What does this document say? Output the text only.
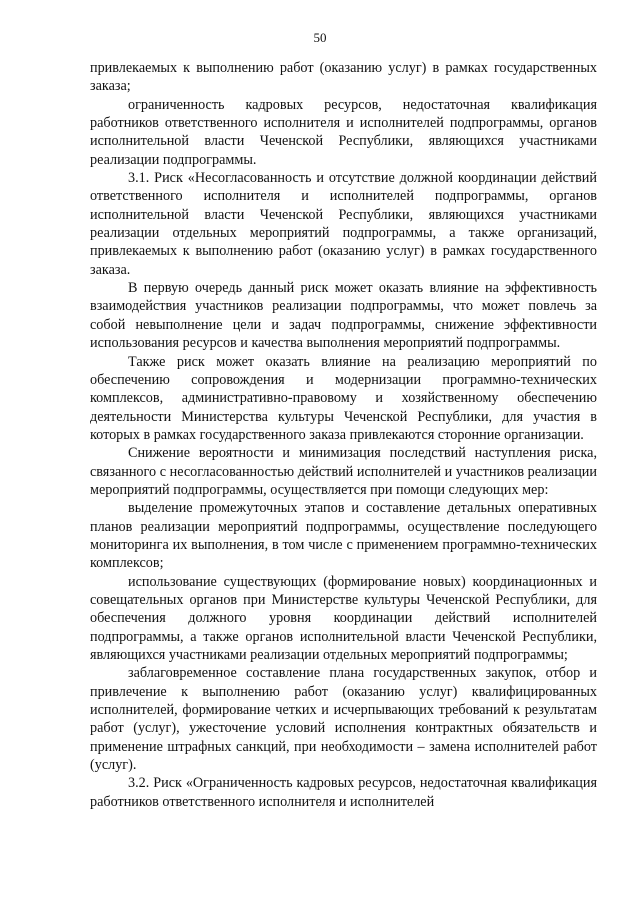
50

привлекаемых к выполнению работ (оказанию услуг) в рамках государственных заказа;

ограниченность кадровых ресурсов, недостаточная квалификация работников ответственного исполнителя и исполнителей подпрограммы, органов исполнительной власти Чеченской Республики, являющихся участниками реализации подпрограммы.

3.1. Риск «Несогласованность и отсутствие должной координации действий ответственного исполнителя и исполнителей подпрограммы, органов исполнительной власти Чеченской Республики, являющихся участниками реализации отдельных мероприятий подпрограммы, а также организаций, привлекаемых к выполнению работ (оказанию услуг) в рамках государственного заказа.

В первую очередь данный риск может оказать влияние на эффективность взаимодействия участников реализации подпрограммы, что может повлечь за собой невыполнение цели и задач подпрограммы, снижение эффективности использования ресурсов и качества выполнения мероприятий подпрограммы.

Также риск может оказать влияние на реализацию мероприятий по обеспечению сопровождения и модернизации программно-технических комплексов, административно-правовому и хозяйственному обеспечению деятельности Министерства культуры Чеченской Республики, для участия в которых в рамках государственного заказа привлекаются сторонние организации.

Снижение вероятности и минимизация последствий наступления риска, связанного с несогласованностью действий исполнителей и участников реализации мероприятий подпрограммы, осуществляется при помощи следующих мер:

выделение промежуточных этапов и составление детальных оперативных планов реализации мероприятий подпрограммы, осуществление последующего мониторинга их выполнения, в том числе с применением программно-технических комплексов;

использование существующих (формирование новых) координационных и совещательных органов при Министерстве культуры Чеченской Республики, для обеспечения должного уровня координации действий исполнителей подпрограммы, а также органов исполнительной власти Чеченской Республики, являющихся участниками реализации отдельных мероприятий подпрограммы;

заблаговременное составление плана государственных закупок, отбор и привлечение к выполнению работ (оказанию услуг) квалифицированных исполнителей, формирование четких и исчерпывающих требований к результатам работ (услуг), ужесточение условий исполнения контрактных обязательств и применение штрафных санкций, при необходимости – замена исполнителей работ (услуг).

3.2. Риск «Ограниченность кадровых ресурсов, недостаточная квалификация работников ответственного исполнителя и исполнителей
